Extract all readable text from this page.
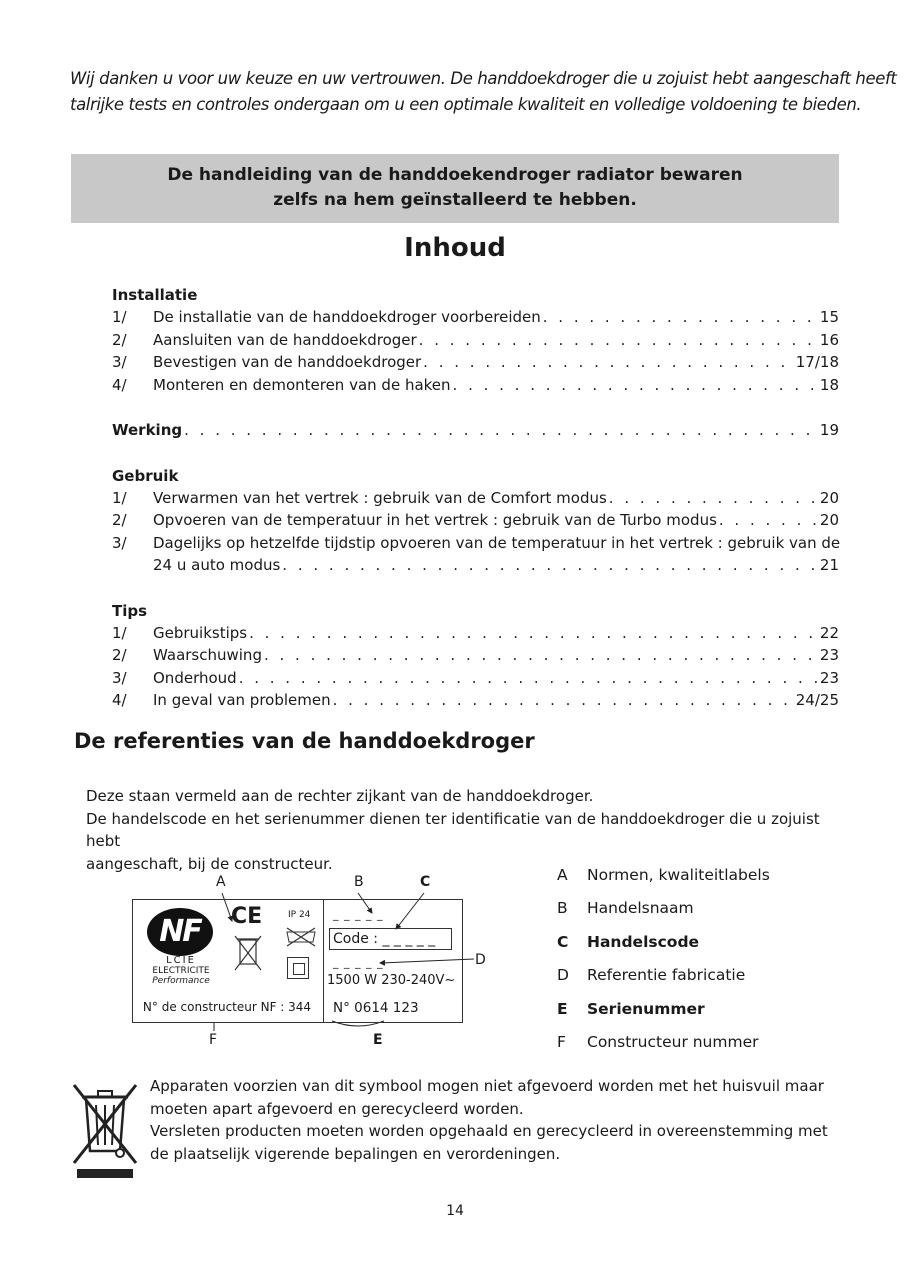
Wij danken u voor uw keuze en uw vertrouwen. De handdoekdroger die u zojuist hebt aangeschaft heeft

talrijke tests en controles ondergaan om u een optimale kwaliteit en volledige voldoening te bieden.

De handleiding van de handdoekendroger radiator bewaren

zelfs na hem geïnstalleerd te hebben.

Inhoud
Installatie
1/	De installatie van de handdoekdroger voorbereiden . . .	15
2/	Aansluiten van de handdoekdroger . . .	16
3/	Bevestigen van de handdoekdroger . . .	17/18
4/	Monteren en demonteren van de haken . . .	18
Werking . . .	19
Gebruik
1/	Verwarmen van het vertrek : gebruik van de Comfort modus . . .	20
2/	Opvoeren van de temperatuur in het vertrek : gebruik van de Turbo modus . . .	20
3/	Dagelijks op hetzelfde tijdstip opvoeren van de temperatuur in het vertrek : gebruik van de
24 u auto modus . . .	21
Tips
1/	Gebruikstips . . .	22
2/	Waarschuwing . . .	23
3/	Onderhoud . . .	23
4/	In geval van problemen . . .	24/25
De referenties van de handdoekdroger

Deze staan vermeld aan de rechter zijkant van de handdoekdroger.

De handelscode en het serienummer dienen ter identificatie van de handdoekdroger die u zojuist hebt

aangeschaft, bij de constructeur.

A	B	C
D
E
F
NF
LCIE
ELECTRICITE
Performance
CE	IP 24
N° de constructeur NF : 344
_ _ _ _ _
Code : _ _ _ _ _
_ _ _ _ _
1500 W 230-240V~
N° 0614 123
A	Normen, kwaliteitlabels
B	Handelsnaam
C	Handelscode
D	Referentie fabricatie
E	Serienummer
F	Constructeur nummer

Apparaten voorzien van dit symbool mogen niet afgevoerd worden met het huisvuil maar

moeten apart afgevoerd en gerecycleerd worden.

Versleten producten moeten worden opgehaald en gerecycleerd in overeenstemming met

de plaatselijk vigerende bepalingen en verordeningen.

14
